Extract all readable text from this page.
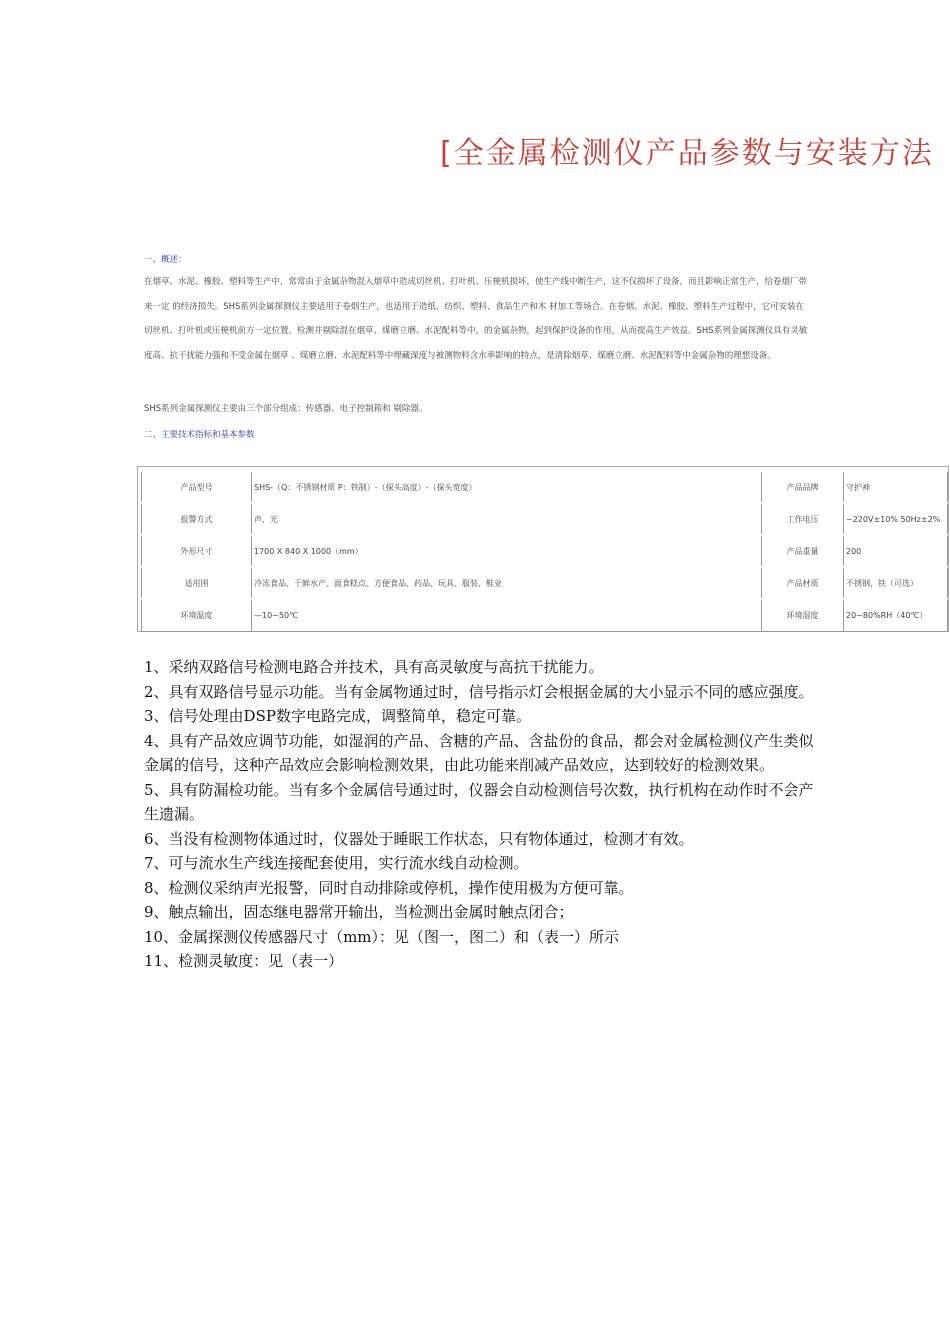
[全金属检测仪产品参数与安装方法
一、概述：
在烟草、水泥、橡胶、塑料等生产中，常常由于金属杂物混入烟草中造成切丝机、打叶机、压梗机损坏，使生产线中断生产，这不仅损坏了设备，而且影响正常生产，给卷烟厂带来一定 的经济损失。SHS系列金属探测仪主要适用于卷烟生产，也适用于造纸、纺织、塑料、食品生产和木 材加工等场合。在卷烟、水泥、橡胶、塑料生产过程中，它可安装在切丝机、打叶机或压梗机前方一定位置，检测并剔除混在烟草、煤磨立磨、水泥配料等中，的金属杂物，起到保护设备的作用，从而提高生产效益。SHS系列金属探测仪具有灵敏度高、抗干扰能力强和不受金属在烟草 、煤磨立磨、水泥配料等中埋藏深度与被测物料含水率影响的特点，是清除烟草、煤磨立磨、水泥配料等中金属杂物的理想设备。
SHS系列金属探测仪主要由三个部分组成：传感器、电子控制箱和 剔除器。
二、主要技术指标和基本参数
产品型号	SHS-（Q：不锈钢材质 P：铁制）-（探头高度）-（探头宽度）	产品品牌	守护神
报警方式	声，光	工作电压	~220V±10% 50Hz±2%
外形尺寸	1700 X 840 X 1000（mm）	产品重量	200
适用围	冷冻食品、干鲜水产、面食糕点、方便食品、药品、玩具、服装、鞋业	产品材质	不锈钢，铁（可选）
环境温度	—10~50℃	环境湿度	20~80%RH（40℃）
1、采纳双路信号检测电路合并技术，具有高灵敏度与高抗干扰能力。
2、具有双路信号显示功能。当有金属物通过时，信号指示灯会根据金属的大小显示不同的感应强度。
3、信号处理由DSP数字电路完成，调整简单，稳定可靠。
4、具有产品效应调节功能，如湿润的产品、含糖的产品、含盐份的食品，都会对金属检测仪产生类似金属的信号，这种产品效应会影响检测效果，由此功能来削减产品效应，达到较好的检测效果。
5、具有防漏检功能。当有多个金属信号通过时，仪器会自动检测信号次数，执行机构在动作时不会产生遗漏。
6、当没有检测物体通过时，仪器处于睡眠工作状态，只有物体通过，检测才有效。
7、可与流水生产线连接配套使用，实行流水线自动检测。
8、检测仪采纳声光报警，同时自动排除或停机，操作使用极为方便可靠。
9、触点输出，固态继电器常开输出，当检测出金属时触点闭合；
10、金属探测仪传感器尺寸（mm）：见（图一，图二）和（表一）所示
11、检测灵敏度：见（表一）
